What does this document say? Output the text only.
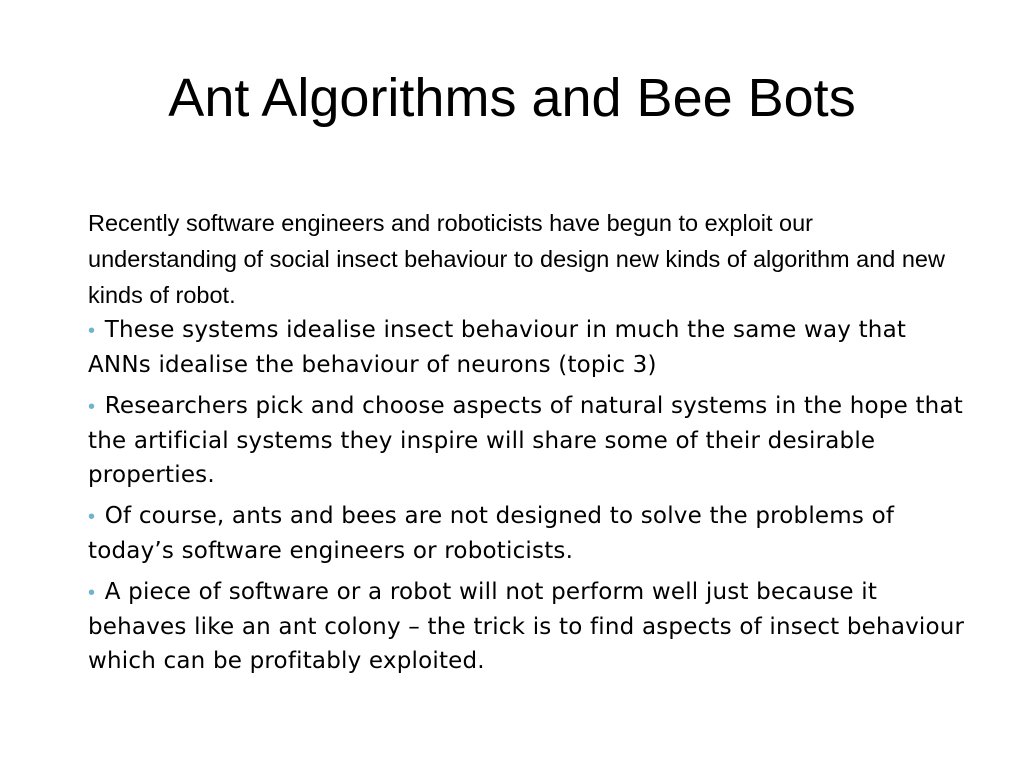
Ant Algorithms and Bee Bots

Recently software engineers and roboticists have begun to exploit our understanding of social insect behaviour to design new kinds of algorithm and new kinds of robot.

• These systems idealise insect behaviour in much the same way that ANNs idealise the behaviour of neurons (topic 3)
• Researchers pick and choose aspects of natural systems in the hope that the artificial systems they inspire will share some of their desirable properties.
• Of course, ants and bees are not designed to solve the problems of today’s software engineers or roboticists.
• A piece of software or a robot will not perform well just because it behaves like an ant colony – the trick is to find aspects of insect behaviour which can be profitably exploited.
